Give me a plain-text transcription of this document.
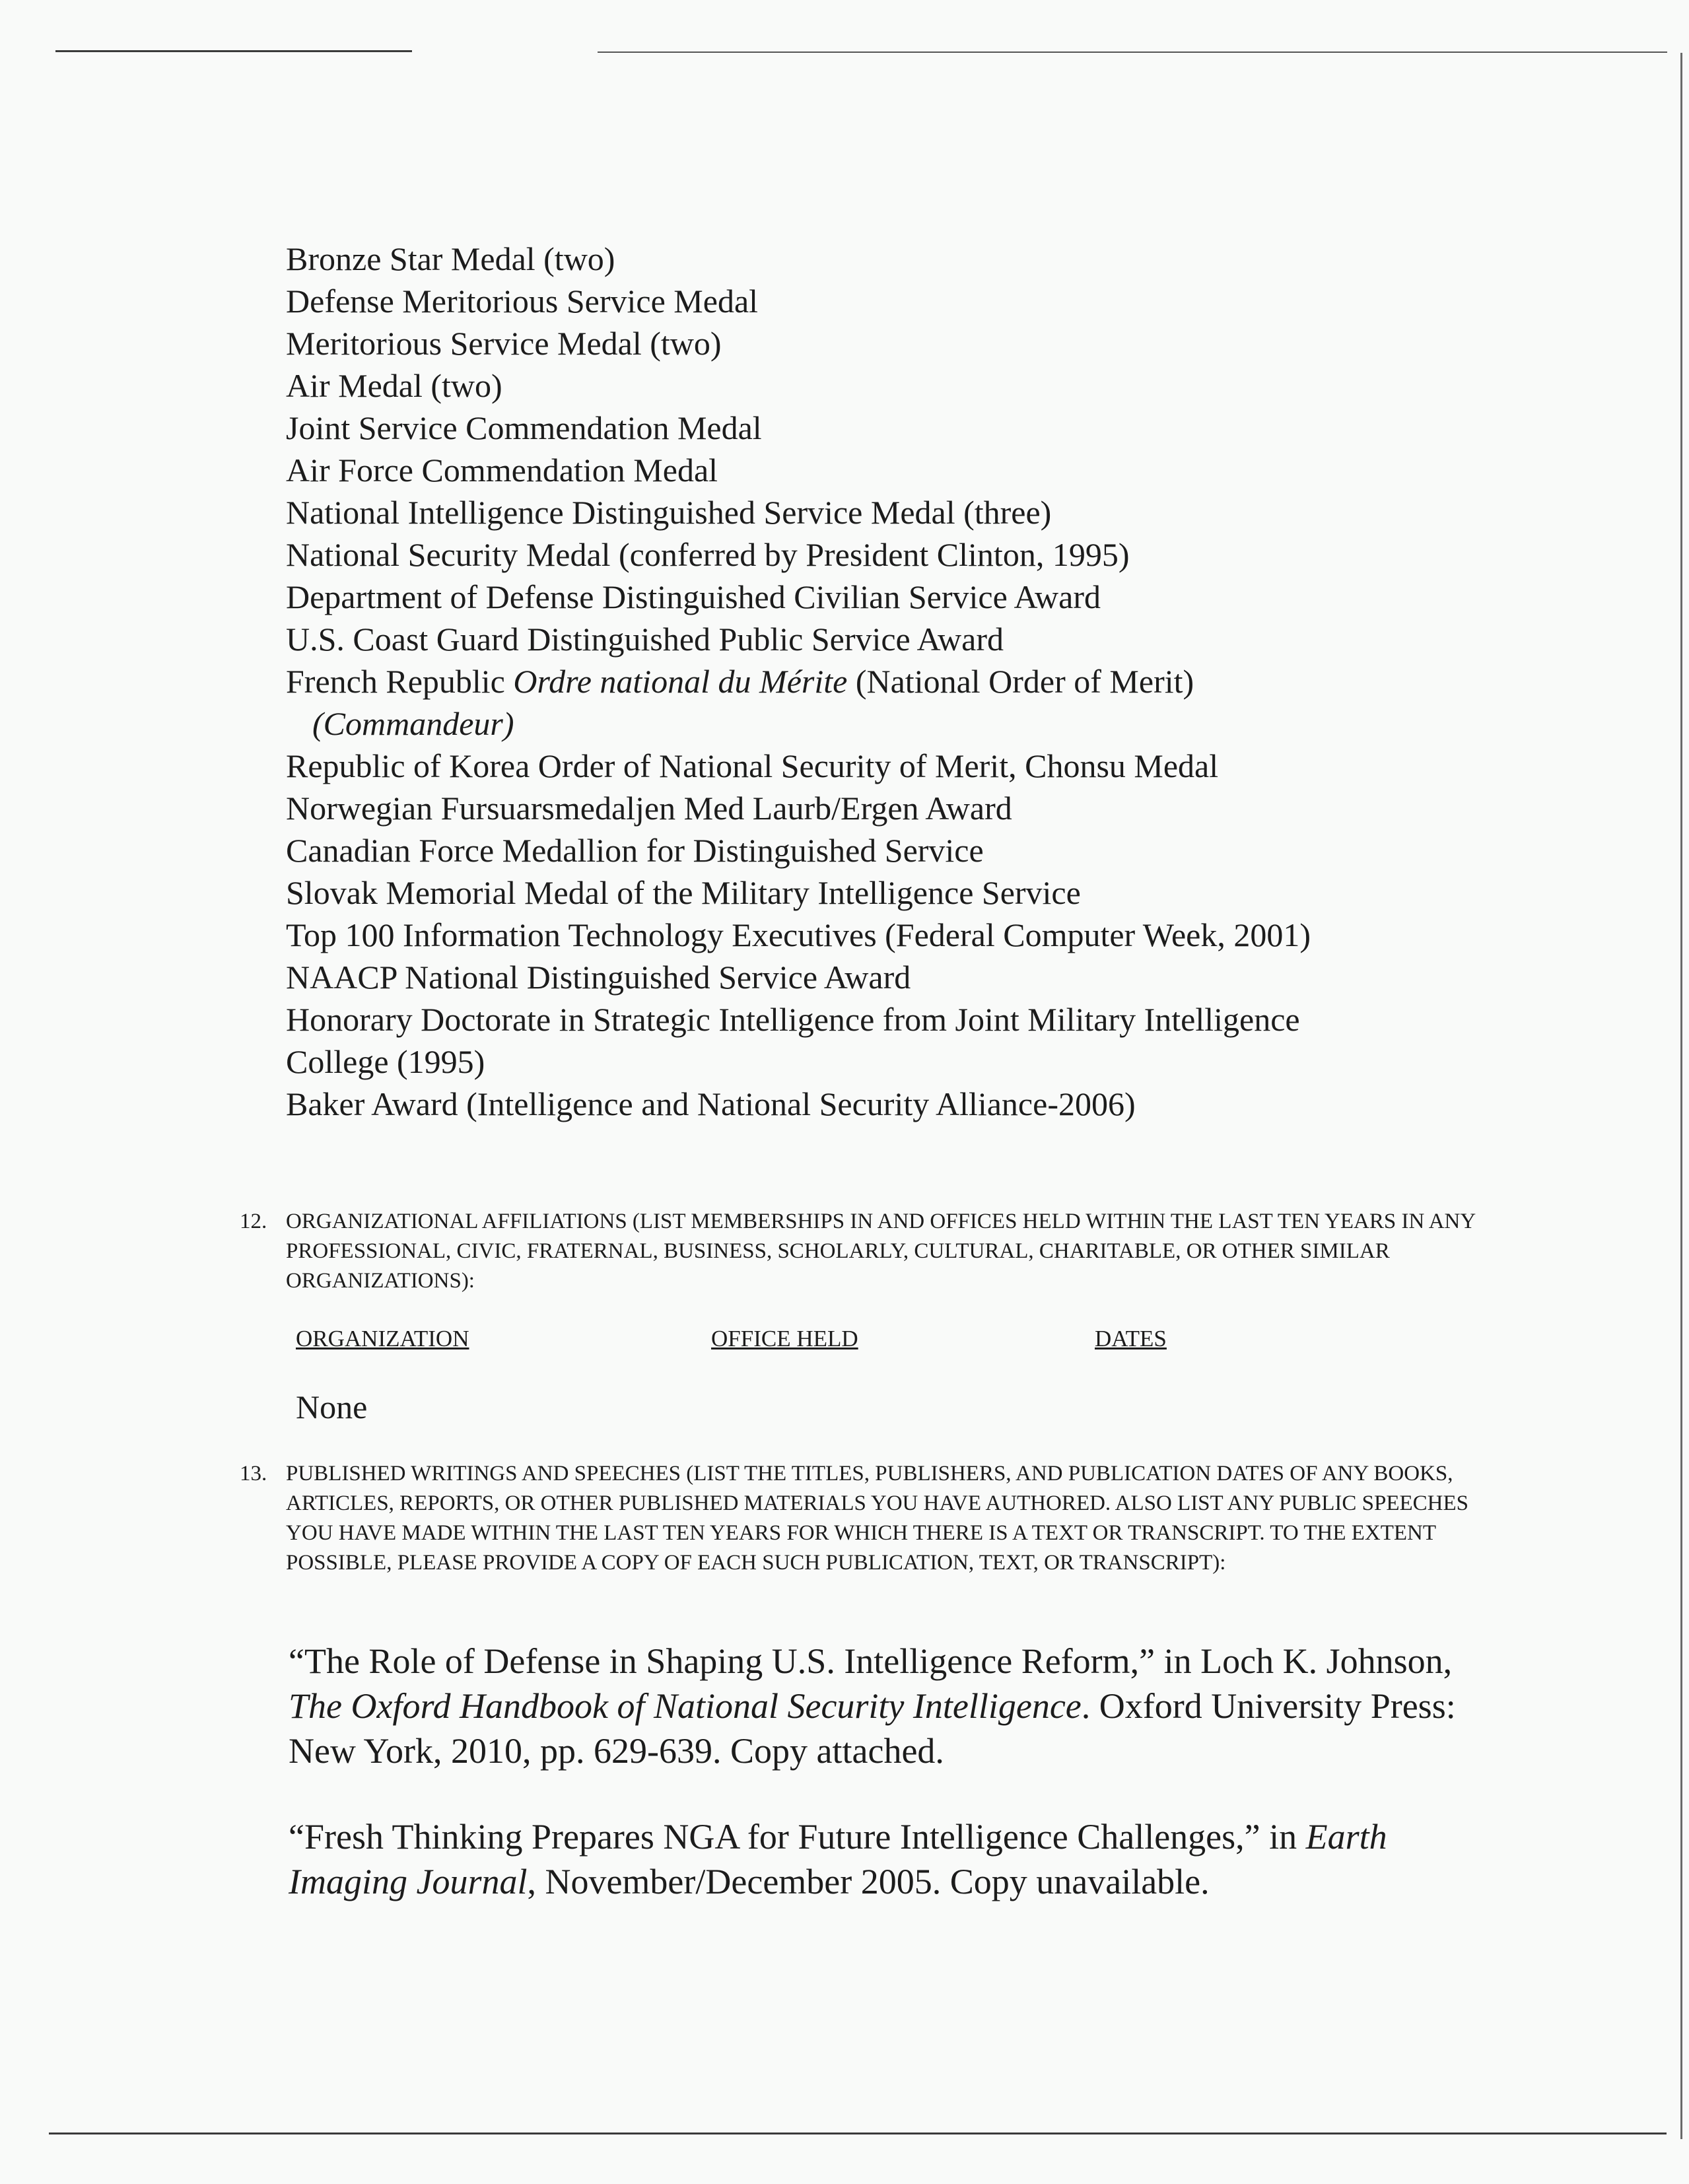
Bronze Star Medal (two)
Defense Meritorious Service Medal
Meritorious Service Medal (two)
Air Medal (two)
Joint Service Commendation Medal
Air Force Commendation Medal
National Intelligence Distinguished Service Medal (three)
National Security Medal (conferred by President Clinton, 1995)
Department of Defense Distinguished Civilian Service Award
U.S. Coast Guard Distinguished Public Service Award
French Republic Ordre national du Mérite (National Order of Merit)
(Commandeur)
Republic of Korea Order of National Security of Merit, Chonsu Medal
Norwegian Fursuarsmedaljen Med Laurb/Ergen Award
Canadian Force Medallion for Distinguished Service
Slovak Memorial Medal of the Military Intelligence Service
Top 100 Information Technology Executives (Federal Computer Week, 2001)
NAACP National Distinguished Service Award
Honorary Doctorate in Strategic Intelligence from Joint Military Intelligence
College (1995)
Baker Award (Intelligence and National Security Alliance-2006)
12. ORGANIZATIONAL AFFILIATIONS (LIST MEMBERSHIPS IN AND OFFICES HELD WITHIN THE LAST TEN YEARS IN ANY PROFESSIONAL, CIVIC, FRATERNAL, BUSINESS, SCHOLARLY, CULTURAL, CHARITABLE, OR OTHER SIMILAR ORGANIZATIONS):
ORGANIZATION	OFFICE HELD	DATES
None
13. PUBLISHED WRITINGS AND SPEECHES (LIST THE TITLES, PUBLISHERS, AND PUBLICATION DATES OF ANY BOOKS, ARTICLES, REPORTS, OR OTHER PUBLISHED MATERIALS YOU HAVE AUTHORED. ALSO LIST ANY PUBLIC SPEECHES YOU HAVE MADE WITHIN THE LAST TEN YEARS FOR WHICH THERE IS A TEXT OR TRANSCRIPT. TO THE EXTENT POSSIBLE, PLEASE PROVIDE A COPY OF EACH SUCH PUBLICATION, TEXT, OR TRANSCRIPT):
“The Role of Defense in Shaping U.S. Intelligence Reform,” in Loch K. Johnson, The Oxford Handbook of National Security Intelligence. Oxford University Press: New York, 2010, pp. 629-639. Copy attached.
“Fresh Thinking Prepares NGA for Future Intelligence Challenges,” in Earth Imaging Journal, November/December 2005. Copy unavailable.
